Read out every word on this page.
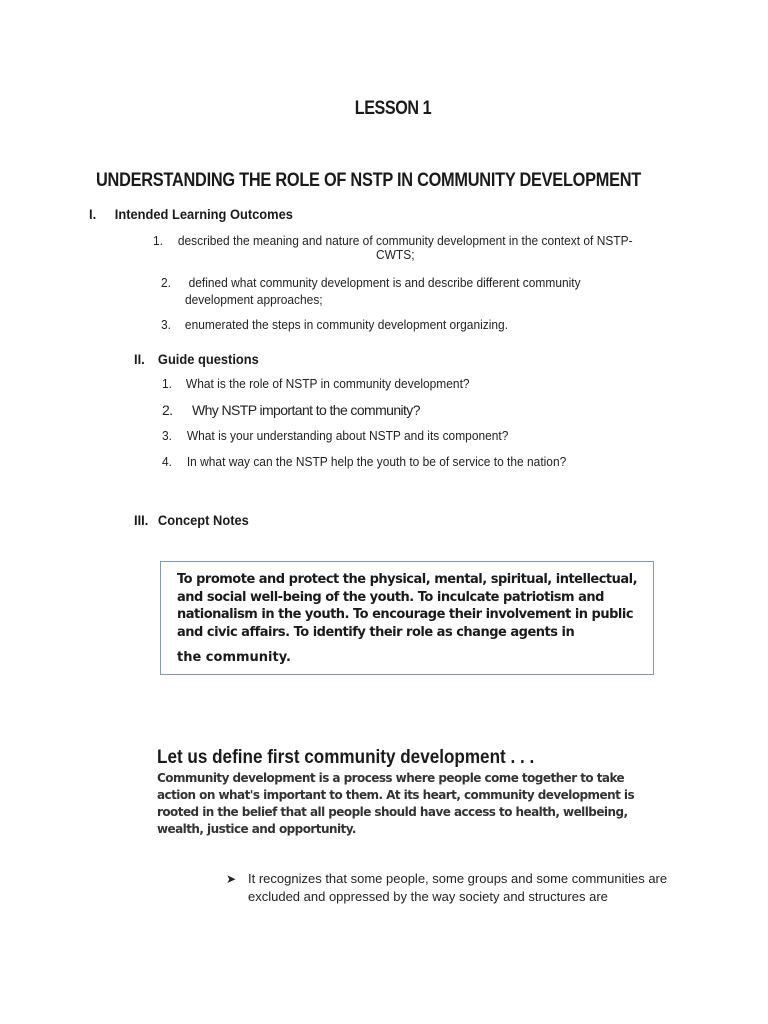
LESSON 1
UNDERSTANDING THE ROLE OF NSTP IN COMMUNITY DEVELOPMENT
I. Intended Learning Outcomes
1. described the meaning and nature of community development in the context of NSTP-
CWTS;
2. defined what community development is and describe different community
development approaches;
3. enumerated the steps in community development organizing.
II. Guide questions
1. What is the role of NSTP in community development?
2. Why NSTP important to the community?
3. What is your understanding about NSTP and its component?
4. In what way can the NSTP help the youth to be of service to the nation?
III. Concept Notes
To promote and protect the physical, mental, spiritual, intellectual, and social well-being of the youth. To inculcate patriotism and nationalism in the youth. To encourage their involvement in public and civic affairs. To identify their role as change agents in
the community.
Let us define first community development . . .
Community development is a process where people come together to take action on what's important to them. At its heart, community development is rooted in the belief that all people should have access to health, wellbeing, wealth, justice and opportunity.
➤ It recognizes that some people, some groups and some communities are excluded and oppressed by the way society and structures are
